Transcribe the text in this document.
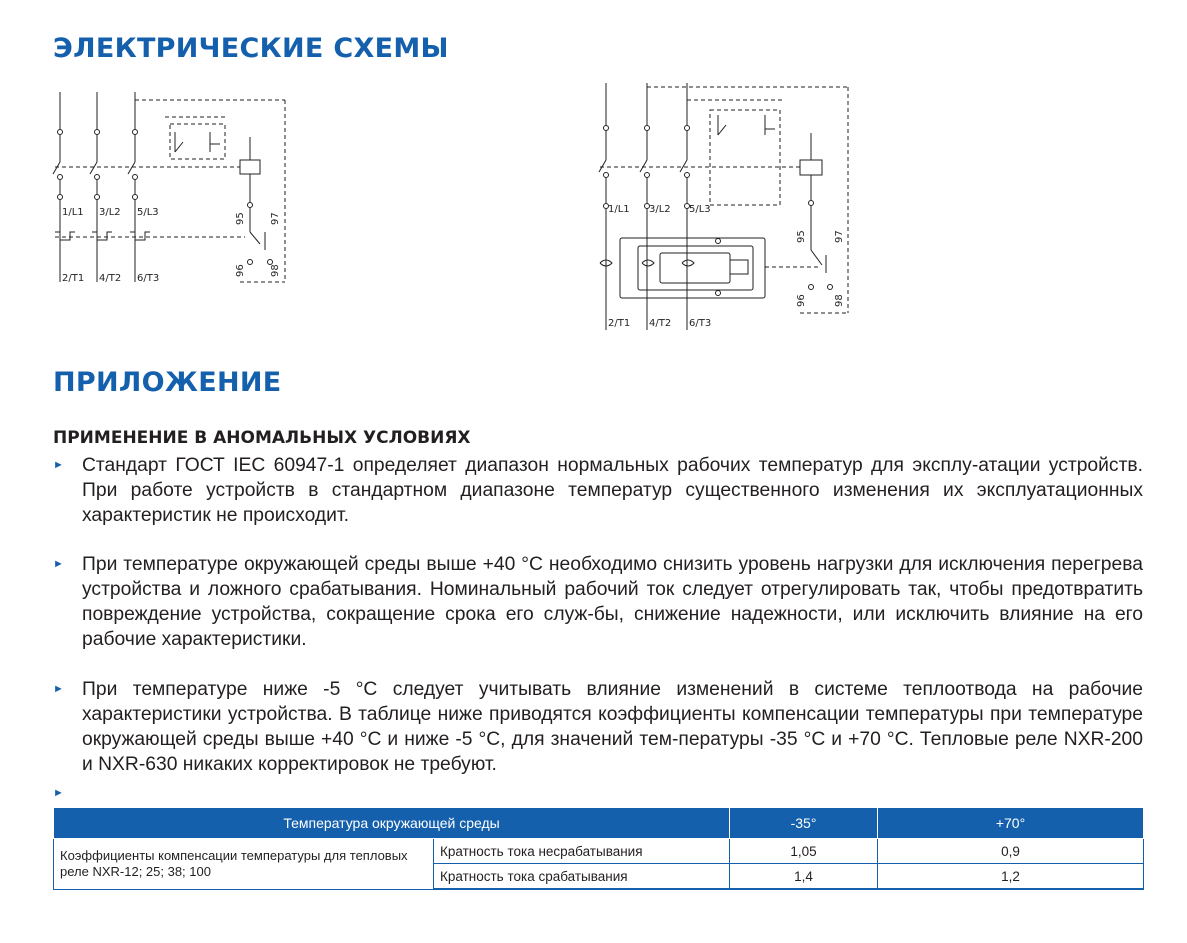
ЭЛЕКТРИЧЕСКИЕ СХЕМЫ
1/L1 3/L2 5/L3
2/T1 4/T2 6/T3
95
96
97
98
1/L1 3/L2 5/L3
2/T1 4/T2 6/T3
95
96
97
98
ПРИЛОЖЕНИЕ
ПРИМЕНЕНИЕ В АНОМАЛЬНЫХ УСЛОВИЯХ
► Стандарт ГОСТ IEC 60947-1 определяет диапазон нормальных рабочих температур для эксплу-атации устройств. При работе устройств в стандартном диапазоне температур существенного изменения их эксплуатационных характеристик не происходит.
► При температуре окружающей среды выше +40 °С необходимо снизить уровень нагрузки для исключения перегрева устройства и ложного срабатывания. Номинальный рабочий ток следует отрегулировать так, чтобы предотвратить повреждение устройства, сокращение срока его служ-бы, снижение надежности, или исключить влияние на его рабочие характеристики.
► При температуре ниже -5 °С следует учитывать влияние изменений в системе теплоотвода на рабочие характеристики устройства. В таблице ниже приводятся коэффициенты компенсации температуры при температуре окружающей среды выше +40 °С и ниже -5 °С, для значений тем-пературы -35 °С и +70 °С. Тепловые реле NXR-200 и NXR-630 никаких корректировок не требуют.
►
Температура окружающей среды		-35°	+70°
Коэффициенты компенсации температуры для тепловых реле NXR-12; 25; 38; 100	Кратность тока несрабатывания	1,05	0,9
	Кратность тока срабатывания	1,4	1,2
